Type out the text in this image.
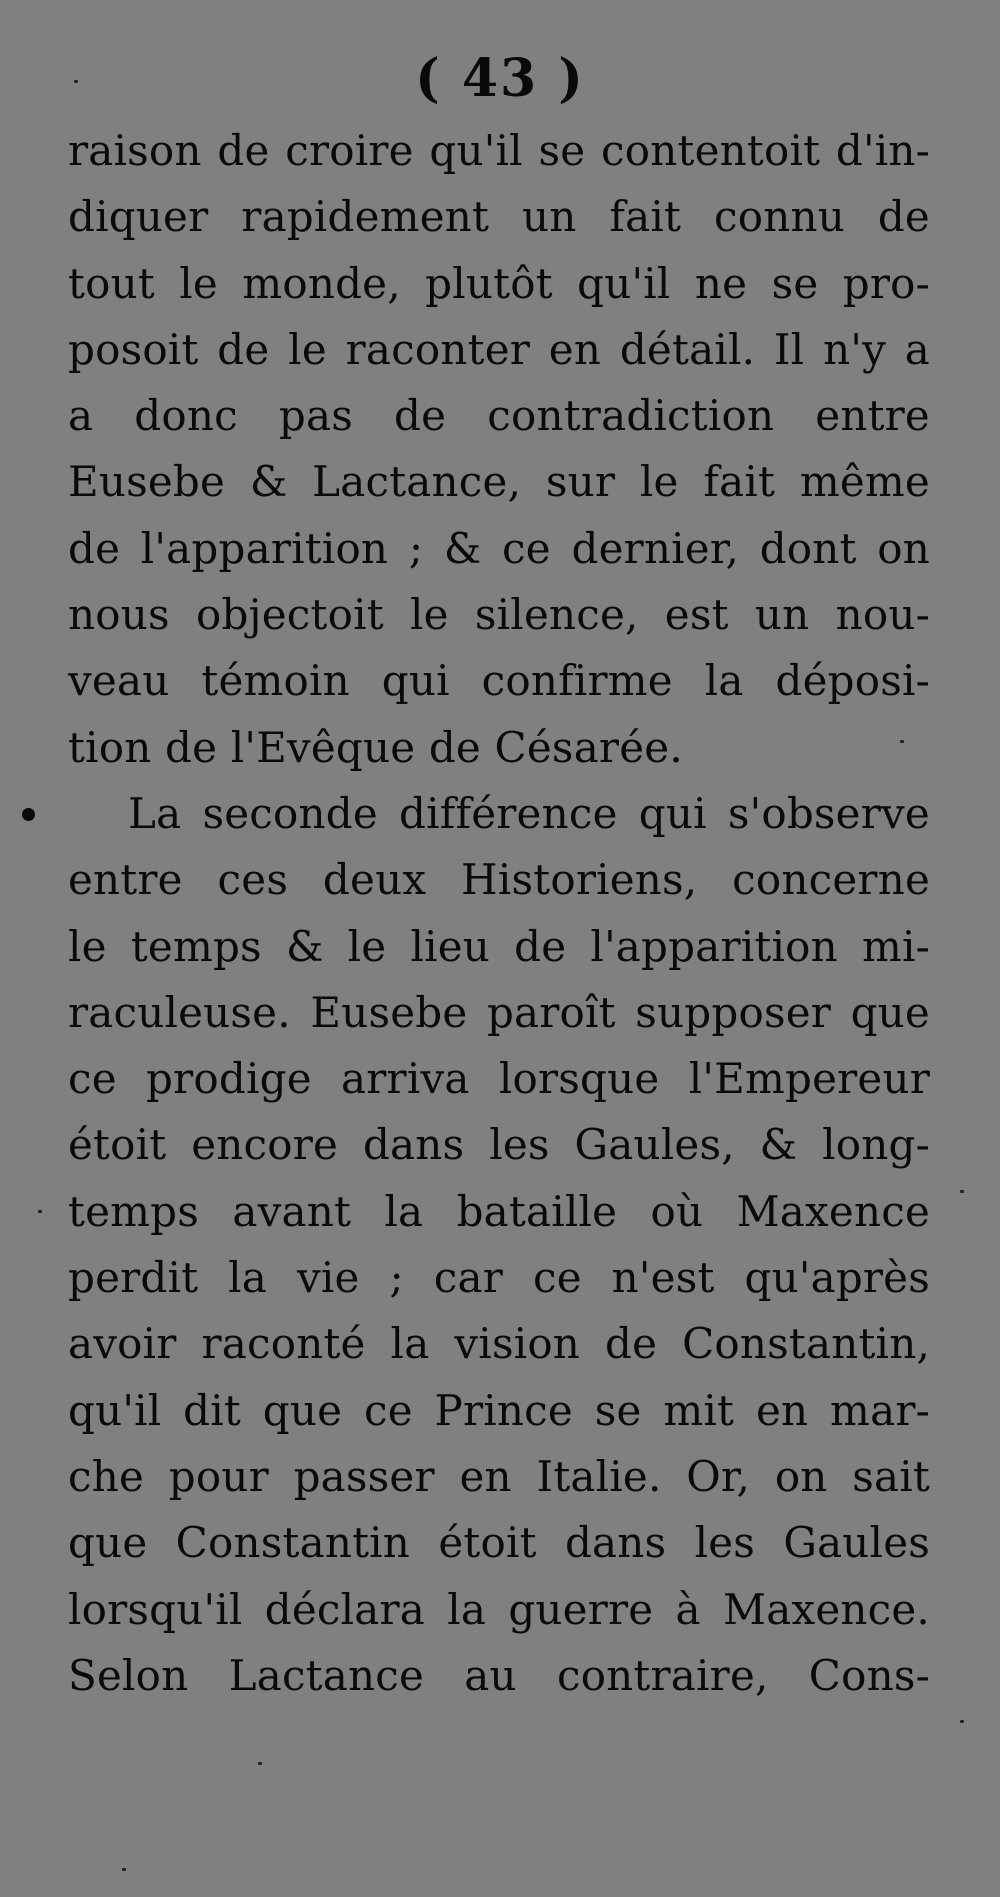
( 43 )
raison de croire qu'il se contentoit d'in-
diquer rapidement un fait connu de
tout le monde, plutôt qu'il ne se pro-
posoit de le raconter en détail. Il n'y a
a donc pas de contradiction entre
Eusebe & Lactance, sur le fait même
de l'apparition ; & ce dernier, dont on
nous objectoit le silence, est un nou-
veau témoin qui confirme la déposi-
tion de l'Evêque de Césarée.
La seconde différence qui s'observe
entre ces deux Historiens, concerne
le temps & le lieu de l'apparition mi-
raculeuse. Eusebe paroît supposer que
ce prodige arriva lorsque l'Empereur
étoit encore dans les Gaules, & long-
temps avant la bataille où Maxence
perdit la vie ; car ce n'est qu'après
avoir raconté la vision de Constantin,
qu'il dit que ce Prince se mit en mar-
che pour passer en Italie. Or, on sait
que Constantin étoit dans les Gaules
lorsqu'il déclara la guerre à Maxence.
Selon Lactance au contraire, Cons-
